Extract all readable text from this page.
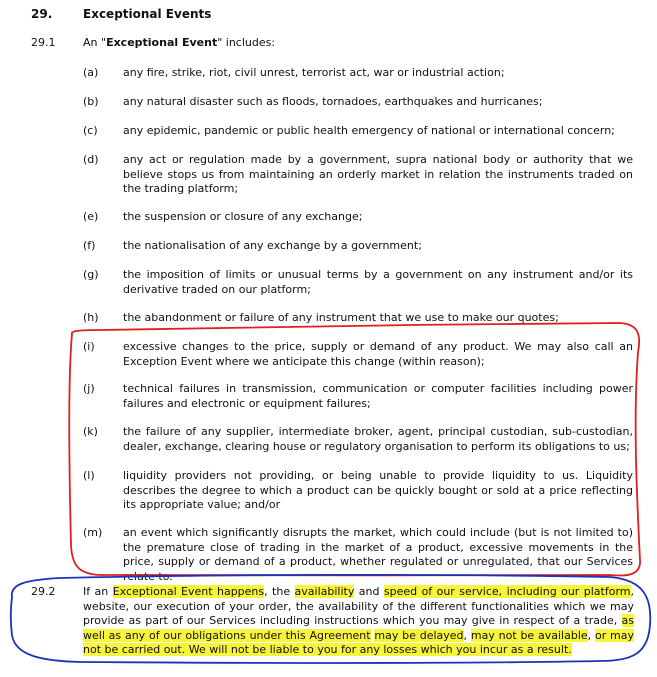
29.	Exceptional Events
29.1	An "Exceptional Event" includes:
(a) any fire, strike, riot, civil unrest, terrorist act, war or industrial action;
(b) any natural disaster such as floods, tornadoes, earthquakes and hurricanes;
(c) any epidemic, pandemic or public health emergency of national or international concern;
(d) any act or regulation made by a government, supra national body or authority that we believe stops us from maintaining an orderly market in relation the instruments traded on the trading platform;
(e) the suspension or closure of any exchange;
(f)	the nationalisation of any exchange by a government;
(g) the imposition of limits or unusual terms by a government on any instrument and/or its derivative traded on our platform;
(h) the abandonment or failure of any instrument that we use to make our quotes;
(i)	excessive changes to the price, supply or demand of any product. We may also call an Exception Event where we anticipate this change (within reason);
(j)	technical failures in transmission, communication or computer facilities including power failures and electronic or equipment failures;
(k) the failure of any supplier, intermediate broker, agent, principal custodian, sub-custodian, dealer, exchange, clearing house or regulatory organisation to perform its obligations to us;
(l)	liquidity providers not providing, or being unable to provide liquidity to us. Liquidity describes the degree to which a product can be quickly bought or sold at a price reflecting its appropriate value; and/or
(m) an event which significantly disrupts the market, which could include (but is not limited to) the premature close of trading in the market of a product, excessive movements in the price, supply or demand of a product, whether regulated or unregulated, that our Services relate to.
29.2	If an Exceptional Event happens, the availability and speed of our service, including our platform, website, our execution of your order, the availability of the different functionalities which we may provide as part of our Services including instructions which you may give in respect of a trade, as well as any of our obligations under this Agreement may be delayed, may not be available, or may not be carried out. We will not be liable to you for any losses which you incur as a result.
